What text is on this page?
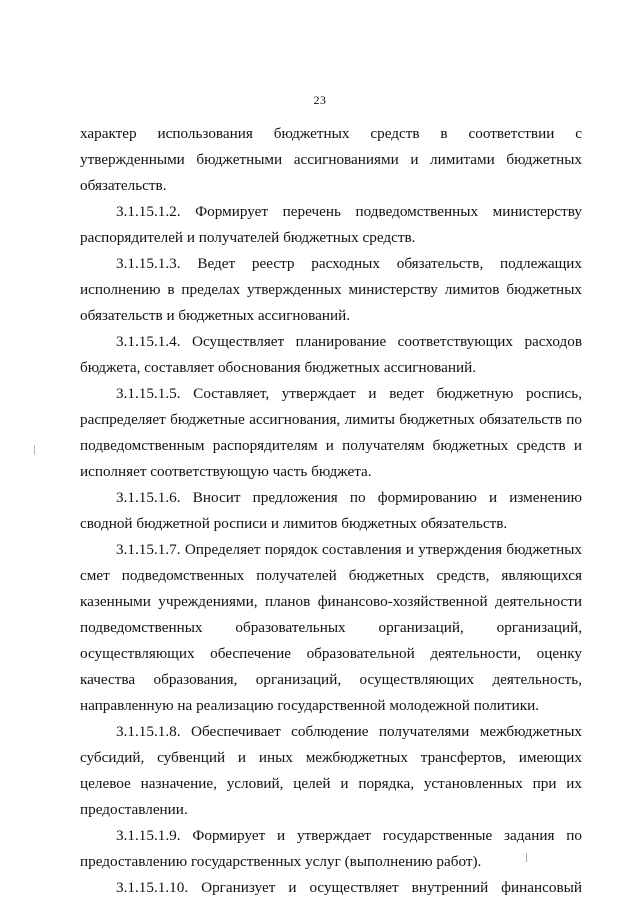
23

характер использования бюджетных средств в соответствии с утвержденными бюджетными ассигнованиями и лимитами бюджетных обязательств.

3.1.15.1.2. Формирует перечень подведомственных министерству распорядителей и получателей бюджетных средств.

3.1.15.1.3. Ведет реестр расходных обязательств, подлежащих исполнению в пределах утвержденных министерству лимитов бюджетных обязательств и бюджетных ассигнований.

3.1.15.1.4. Осуществляет планирование соответствующих расходов бюджета, составляет обоснования бюджетных ассигнований.

3.1.15.1.5. Составляет, утверждает и ведет бюджетную роспись, распределяет бюджетные ассигнования, лимиты бюджетных обязательств по подведомственным распорядителям и получателям бюджетных средств и исполняет соответствующую часть бюджета.

3.1.15.1.6. Вносит предложения по формированию и изменению сводной бюджетной росписи и лимитов бюджетных обязательств.

3.1.15.1.7. Определяет порядок составления и утверждения бюджетных смет подведомственных получателей бюджетных средств, являющихся казенными учреждениями, планов финансово-хозяйственной деятельности подведомственных образовательных организаций, организаций, осуществляющих обеспечение образовательной деятельности, оценку качества образования, организаций, осуществляющих деятельность, направленную на реализацию государственной молодежной политики.

3.1.15.1.8. Обеспечивает соблюдение получателями межбюджетных субсидий, субвенций и иных межбюджетных трансфертов, имеющих целевое назначение, условий, целей и порядка, установленных при их предоставлении.

3.1.15.1.9. Формирует и утверждает государственные задания по предоставлению государственных услуг (выполнению работ).

3.1.15.1.10. Организует и осуществляет внутренний финансовый
